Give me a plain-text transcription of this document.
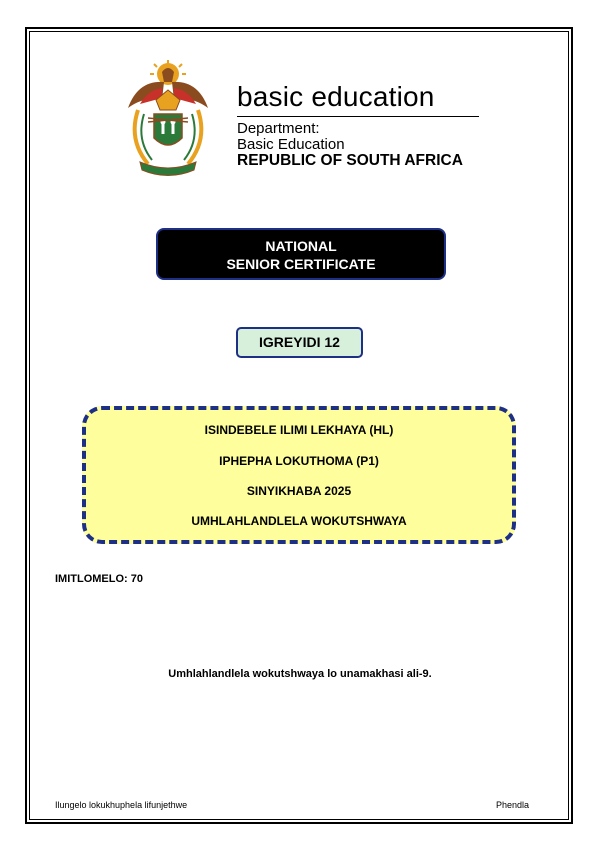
basic education
Department:
Basic Education
REPUBLIC OF SOUTH AFRICA
NATIONAL
SENIOR CERTIFICATE
IGREYIDI 12
ISINDEBELE ILIMI LEKHAYA (HL)
IPHEPHA LOKUTHOMA (P1)
SINYIKHABA 2025
UMHLAHLANDLELA WOKUTSHWAYA
IMITLOMELO: 70
Umhlahlandlela wokutshwaya lo unamakhasi ali-9.
Ilungelo lokukhuphela lifunjethwe	Phendla
